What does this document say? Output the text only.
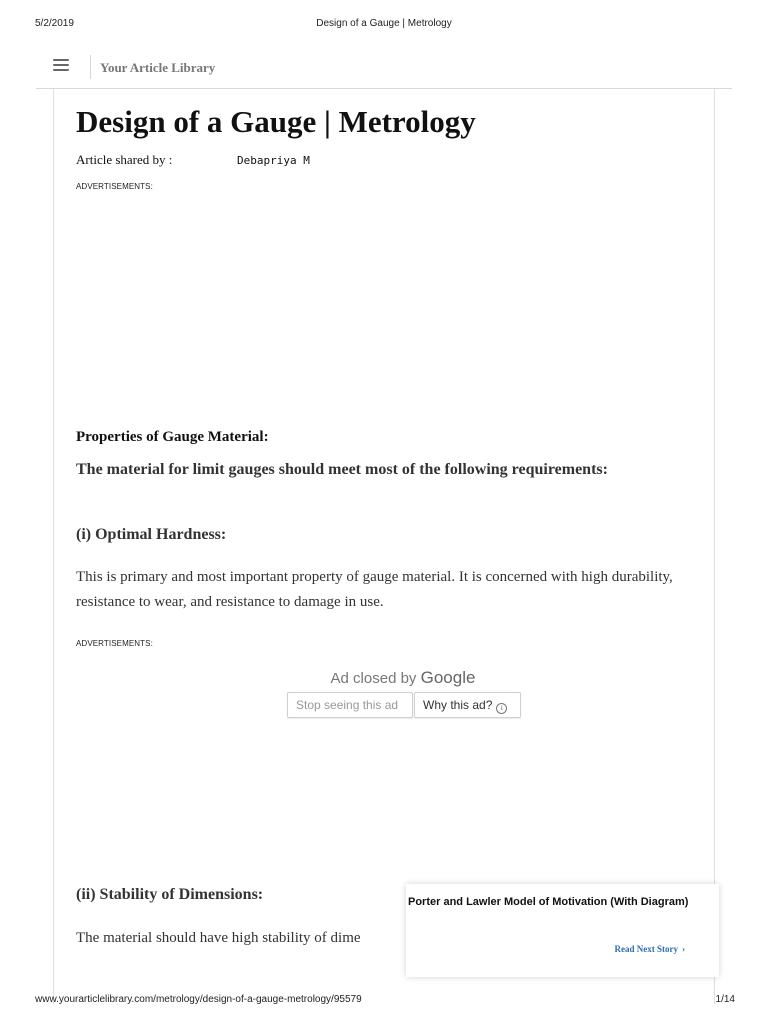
5/2/2019	Design of a Gauge | Metrology
Your Article Library
Design of a Gauge | Metrology
Article shared by :	Debapriya M
ADVERTISEMENTS:
Properties of Gauge Material:

The material for limit gauges should meet most of the following requirements:

(i) Optimal Hardness:

This is primary and most important property of gauge material. It is concerned with high durability, resistance to wear, and resistance to damage in use.

ADVERTISEMENTS:
Ad closed by Google
Stop seeing this ad	Why this ad? i
(ii) Stability of Dimensions:

The material should have high stability of dime

Porter and Lawler Model of Motivation (With Diagram)
Read Next Story ›
www.yourarticlelibrary.com/metrology/design-of-a-gauge-metrology/95579	1/14
